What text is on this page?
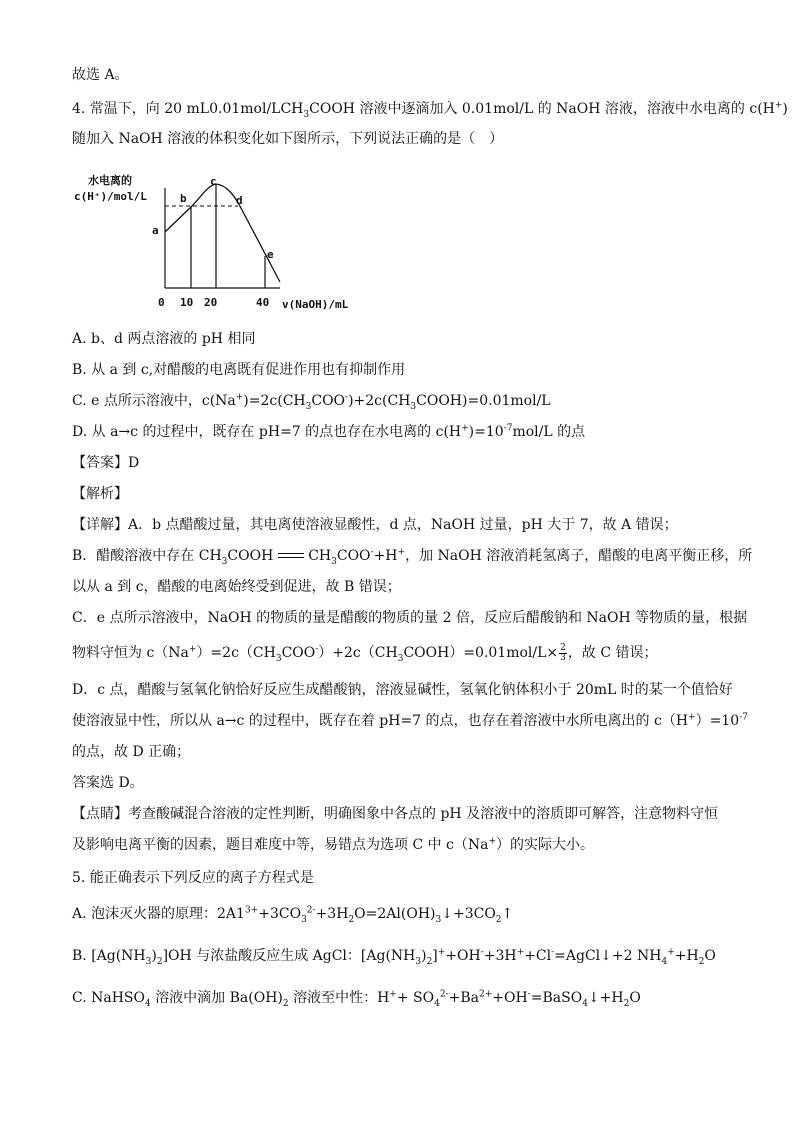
故选 A。
4. 常温下，向 20 $mL0.01mol/LCH_3COOH$ 溶液中逐滴加入 0.01mol/L 的 NaOH 溶液，溶液中水电离的 c(H+)
随加入 NaOH 溶液的体积变化如下图所示，下列说法正确的是（　）
水电离的
c(H⁺)/mol/L
a
b
c
d
e
0 10 20	40 v(NaOH)/mL
A. b、d 两点溶液的 pH 相同
B. 从 a 到 c,对醋酸的电离既有促进作用也有抑制作用
C. e 点所示溶液中，$c(Na^+)=2c(CH_3COO^-)+2c(CH_3COOH)=0.01mol/L$
D. 从 a→c 的过程中，既存在 pH=7 的点也存在水电离的 $c(H^+)=10^{-7}mol/L$ 的点
【答案】D
【解析】
【详解】A．b 点醋酸过量，其电离使溶液显酸性，d 点，NaOH 过量，pH 大于 7，故 A 错误；
B．醋酸溶液中存在 $CH_3COOH$ $CH_3COO^-+H^+$，加 NaOH 溶液消耗氢离子，醋酸的电离平衡正移，所
以从 a 到 c，醋酸的电离始终受到促进，故 B 错误；
C．e 点所示溶液中，NaOH 的物质的量是醋酸的物质的量 2 倍，反应后醋酸钠和 NaOH 等物质的量，根据
物料守恒为 $c(Na^+)=2c(CH_3COO^-)+2c(CH_3COOH)=0.01mol/L\times \frac{2}{3}$ ，故 C 错误；
D．c 点，醋酸与氢氧化钠恰好反应生成醋酸钠，溶液显碱性，氢氧化钠体积小于 20mL 时的某一个值恰好
使溶液显中性，所以从 a→c 的过程中，既存在着 pH=7 的点，也存在着溶液中水所电离出的 $c(H^+)=10^{-7}$
的点，故 D 正确；
答案选 D。
【点睛】考查酸碱混合溶液的定性判断，明确图象中各点的 pH 及溶液中的溶质即可解答，注意物料守恒
及影响电离平衡的因素，题目难度中等，易错点为选项 C 中 c（Na+）的实际大小。
5. 能正确表示下列反应的离子方程式是
A. 泡沫灭火器的原理：$2A1^{3+}+3CO_3^{2-}+3H_2O=2Al(OH)_3↓+3CO_2↑$
B. $[Ag(NH_3)_2]OH$ 与浓盐酸反应生成 AgCl：$[Ag(NH_3)_2]^++OH^-+3H^++Cl^-=AgCl↓+2$ $NH_4^++H_2O$
C. NaHSO$_4$ 溶液中滴加 $Ba(OH)_2$ 溶液至中性：$H^++ SO_4^{2-}+Ba^{2+}+OH^-=BaSO_4↓+H_2O$
